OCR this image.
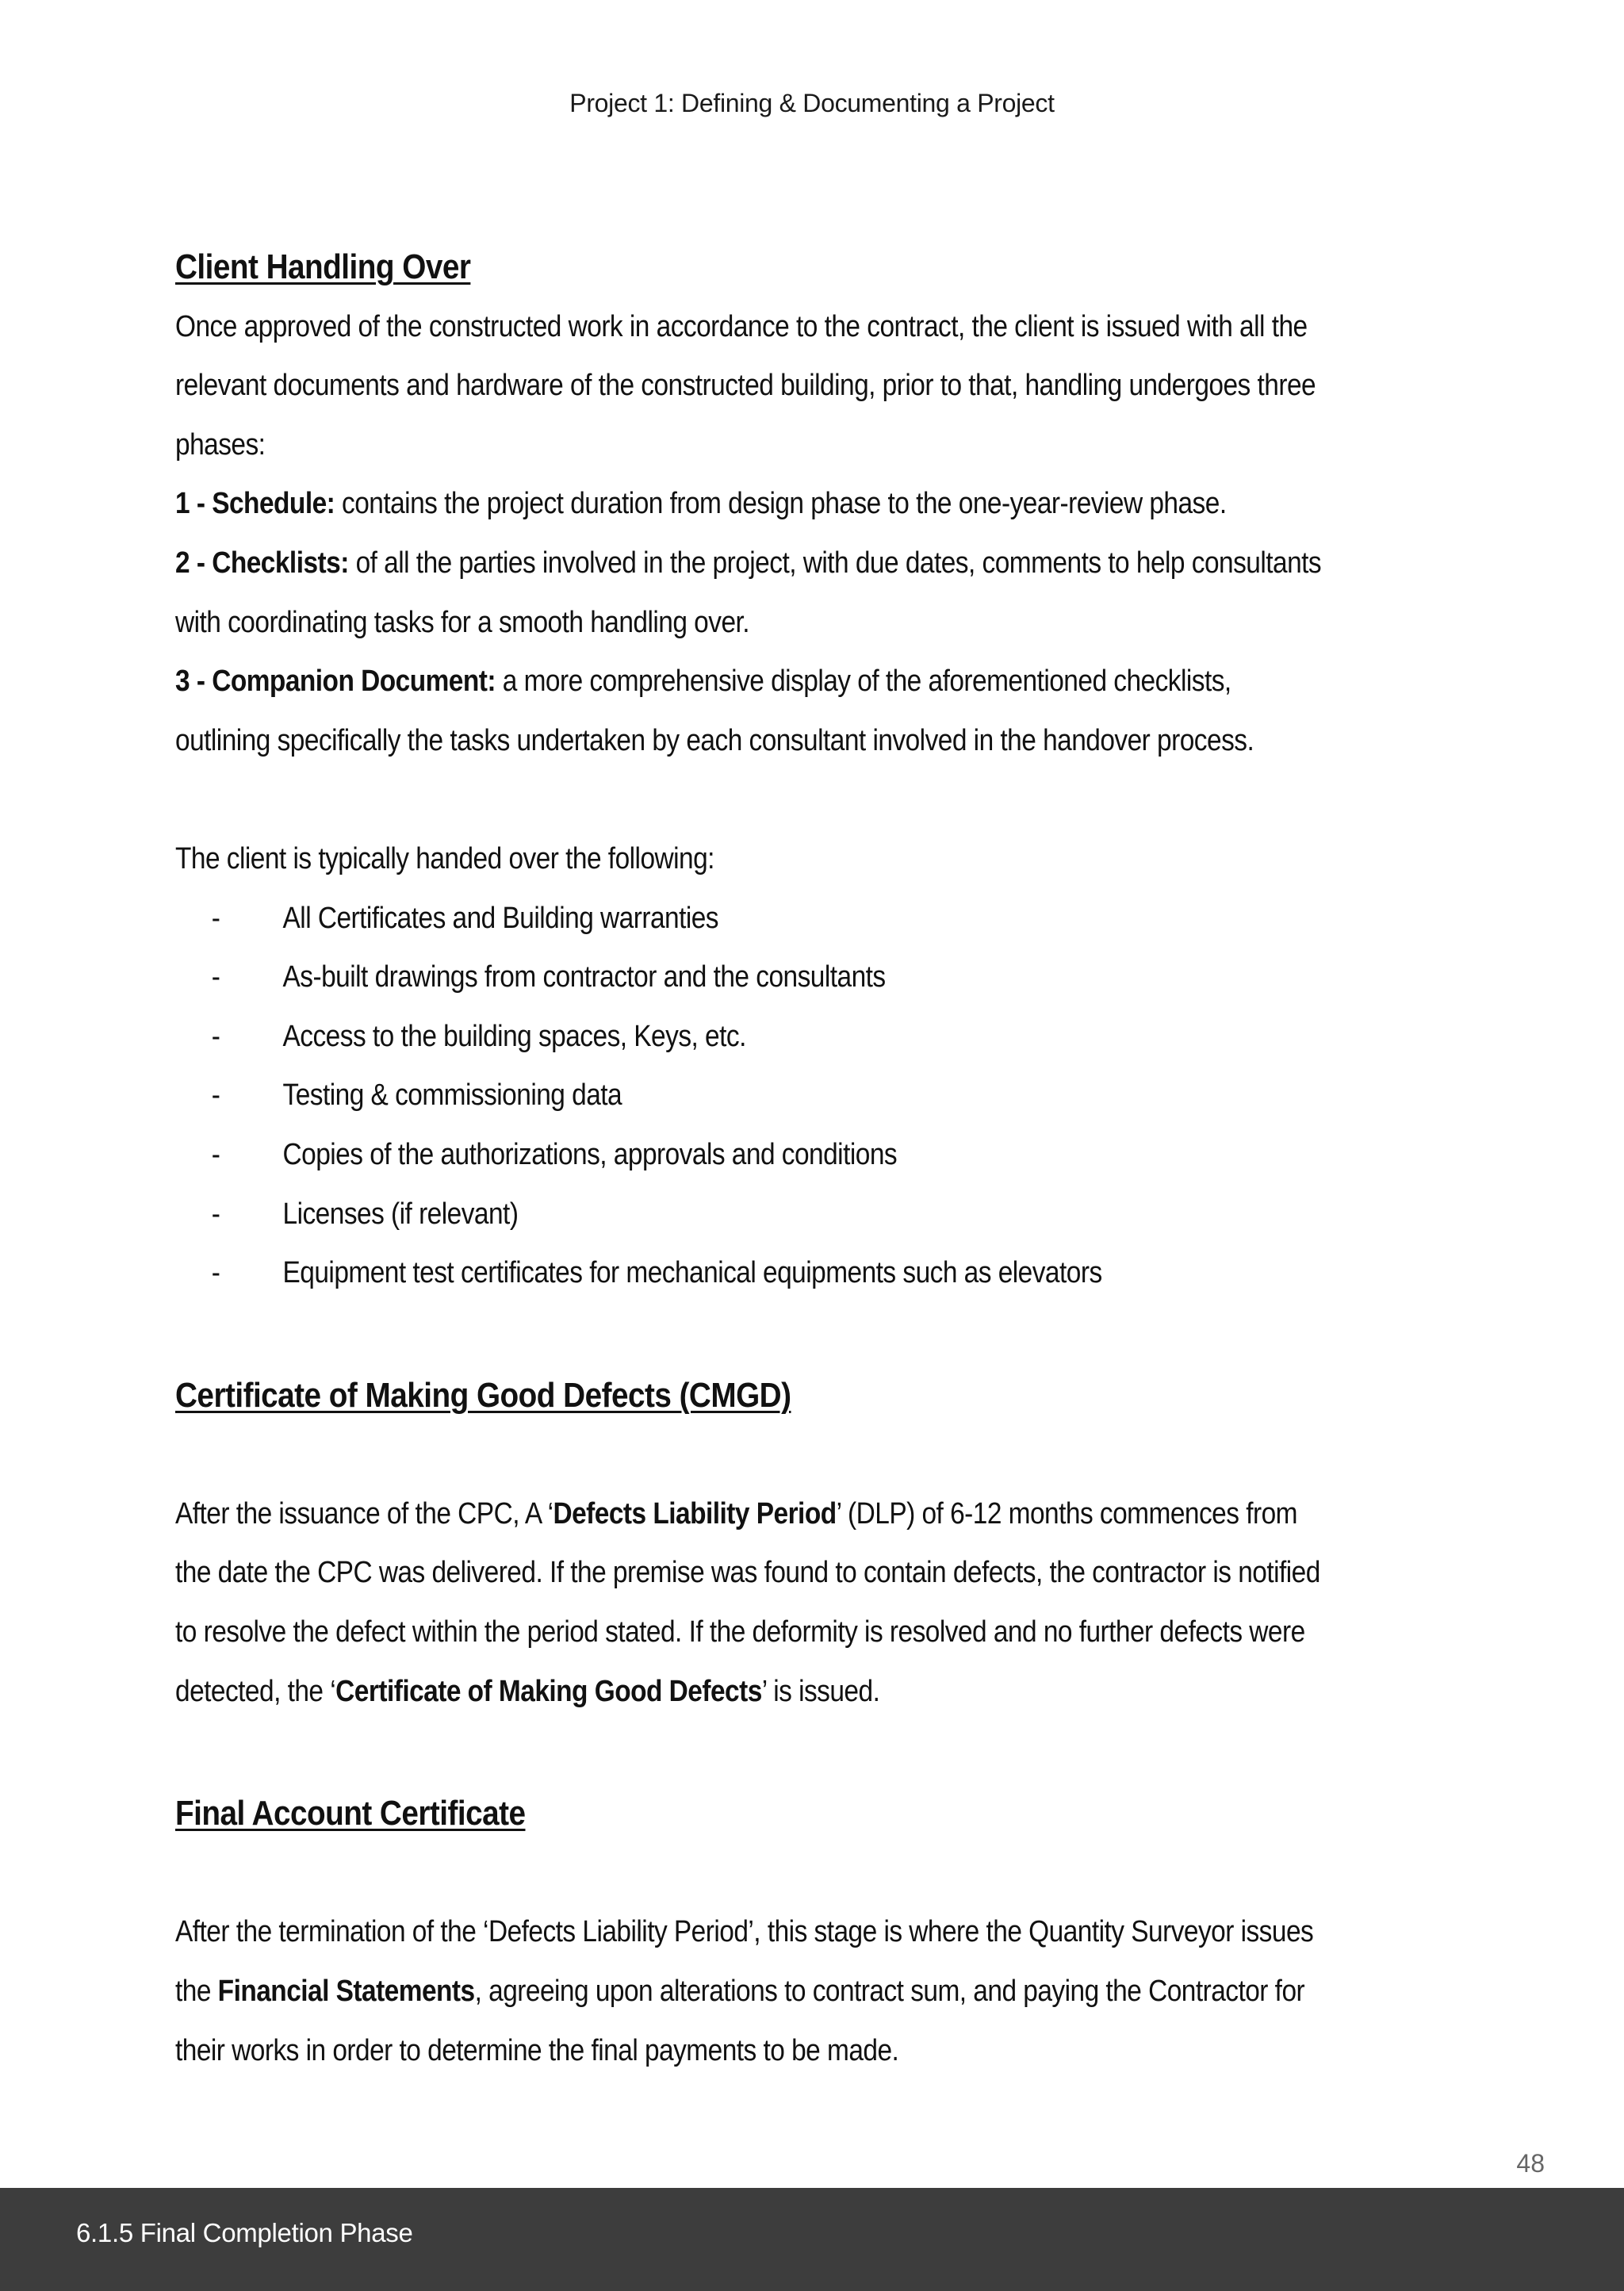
Project 1: Defining & Documenting a Project
Client Handling Over

Once approved of the constructed work in accordance to the contract, the client is issued with all the relevant documents and hardware of the constructed building, prior to that, handling undergoes three phases:

1 - Schedule: contains the project duration from design phase to the one-year-review phase.

2 - Checklists: of all the parties involved in the project, with due dates, comments to help consultants with coordinating tasks for a smooth handling over.

3 - Companion Document: a more comprehensive display of the aforementioned checklists, outlining specifically the tasks undertaken by each consultant involved in the handover process.

The client is typically handed over the following:

- All Certificates and Building warranties
- As-built drawings from contractor and the consultants
- Access to the building spaces, Keys, etc.
- Testing & commissioning data
- Copies of the authorizations, approvals and conditions
- Licenses (if relevant)
- Equipment test certificates for mechanical equipments such as elevators
Certificate of Making Good Defects (CMGD)

After the issuance of the CPC, A ‘Defects Liability Period’ (DLP) of 6-12 months commences from the date the CPC was delivered. If the premise was found to contain defects, the contractor is notified to resolve the defect within the period stated. If the deformity is resolved and no further defects were detected, the ‘Certificate of Making Good Defects’ is issued.

Final Account Certificate

After the termination of the ‘Defects Liability Period’, this stage is where the Quantity Surveyor issues the Financial Statements, agreeing upon alterations to contract sum, and paying the Contractor for their works in order to determine the final payments to be made.

48
6.1.5 Final Completion Phase
